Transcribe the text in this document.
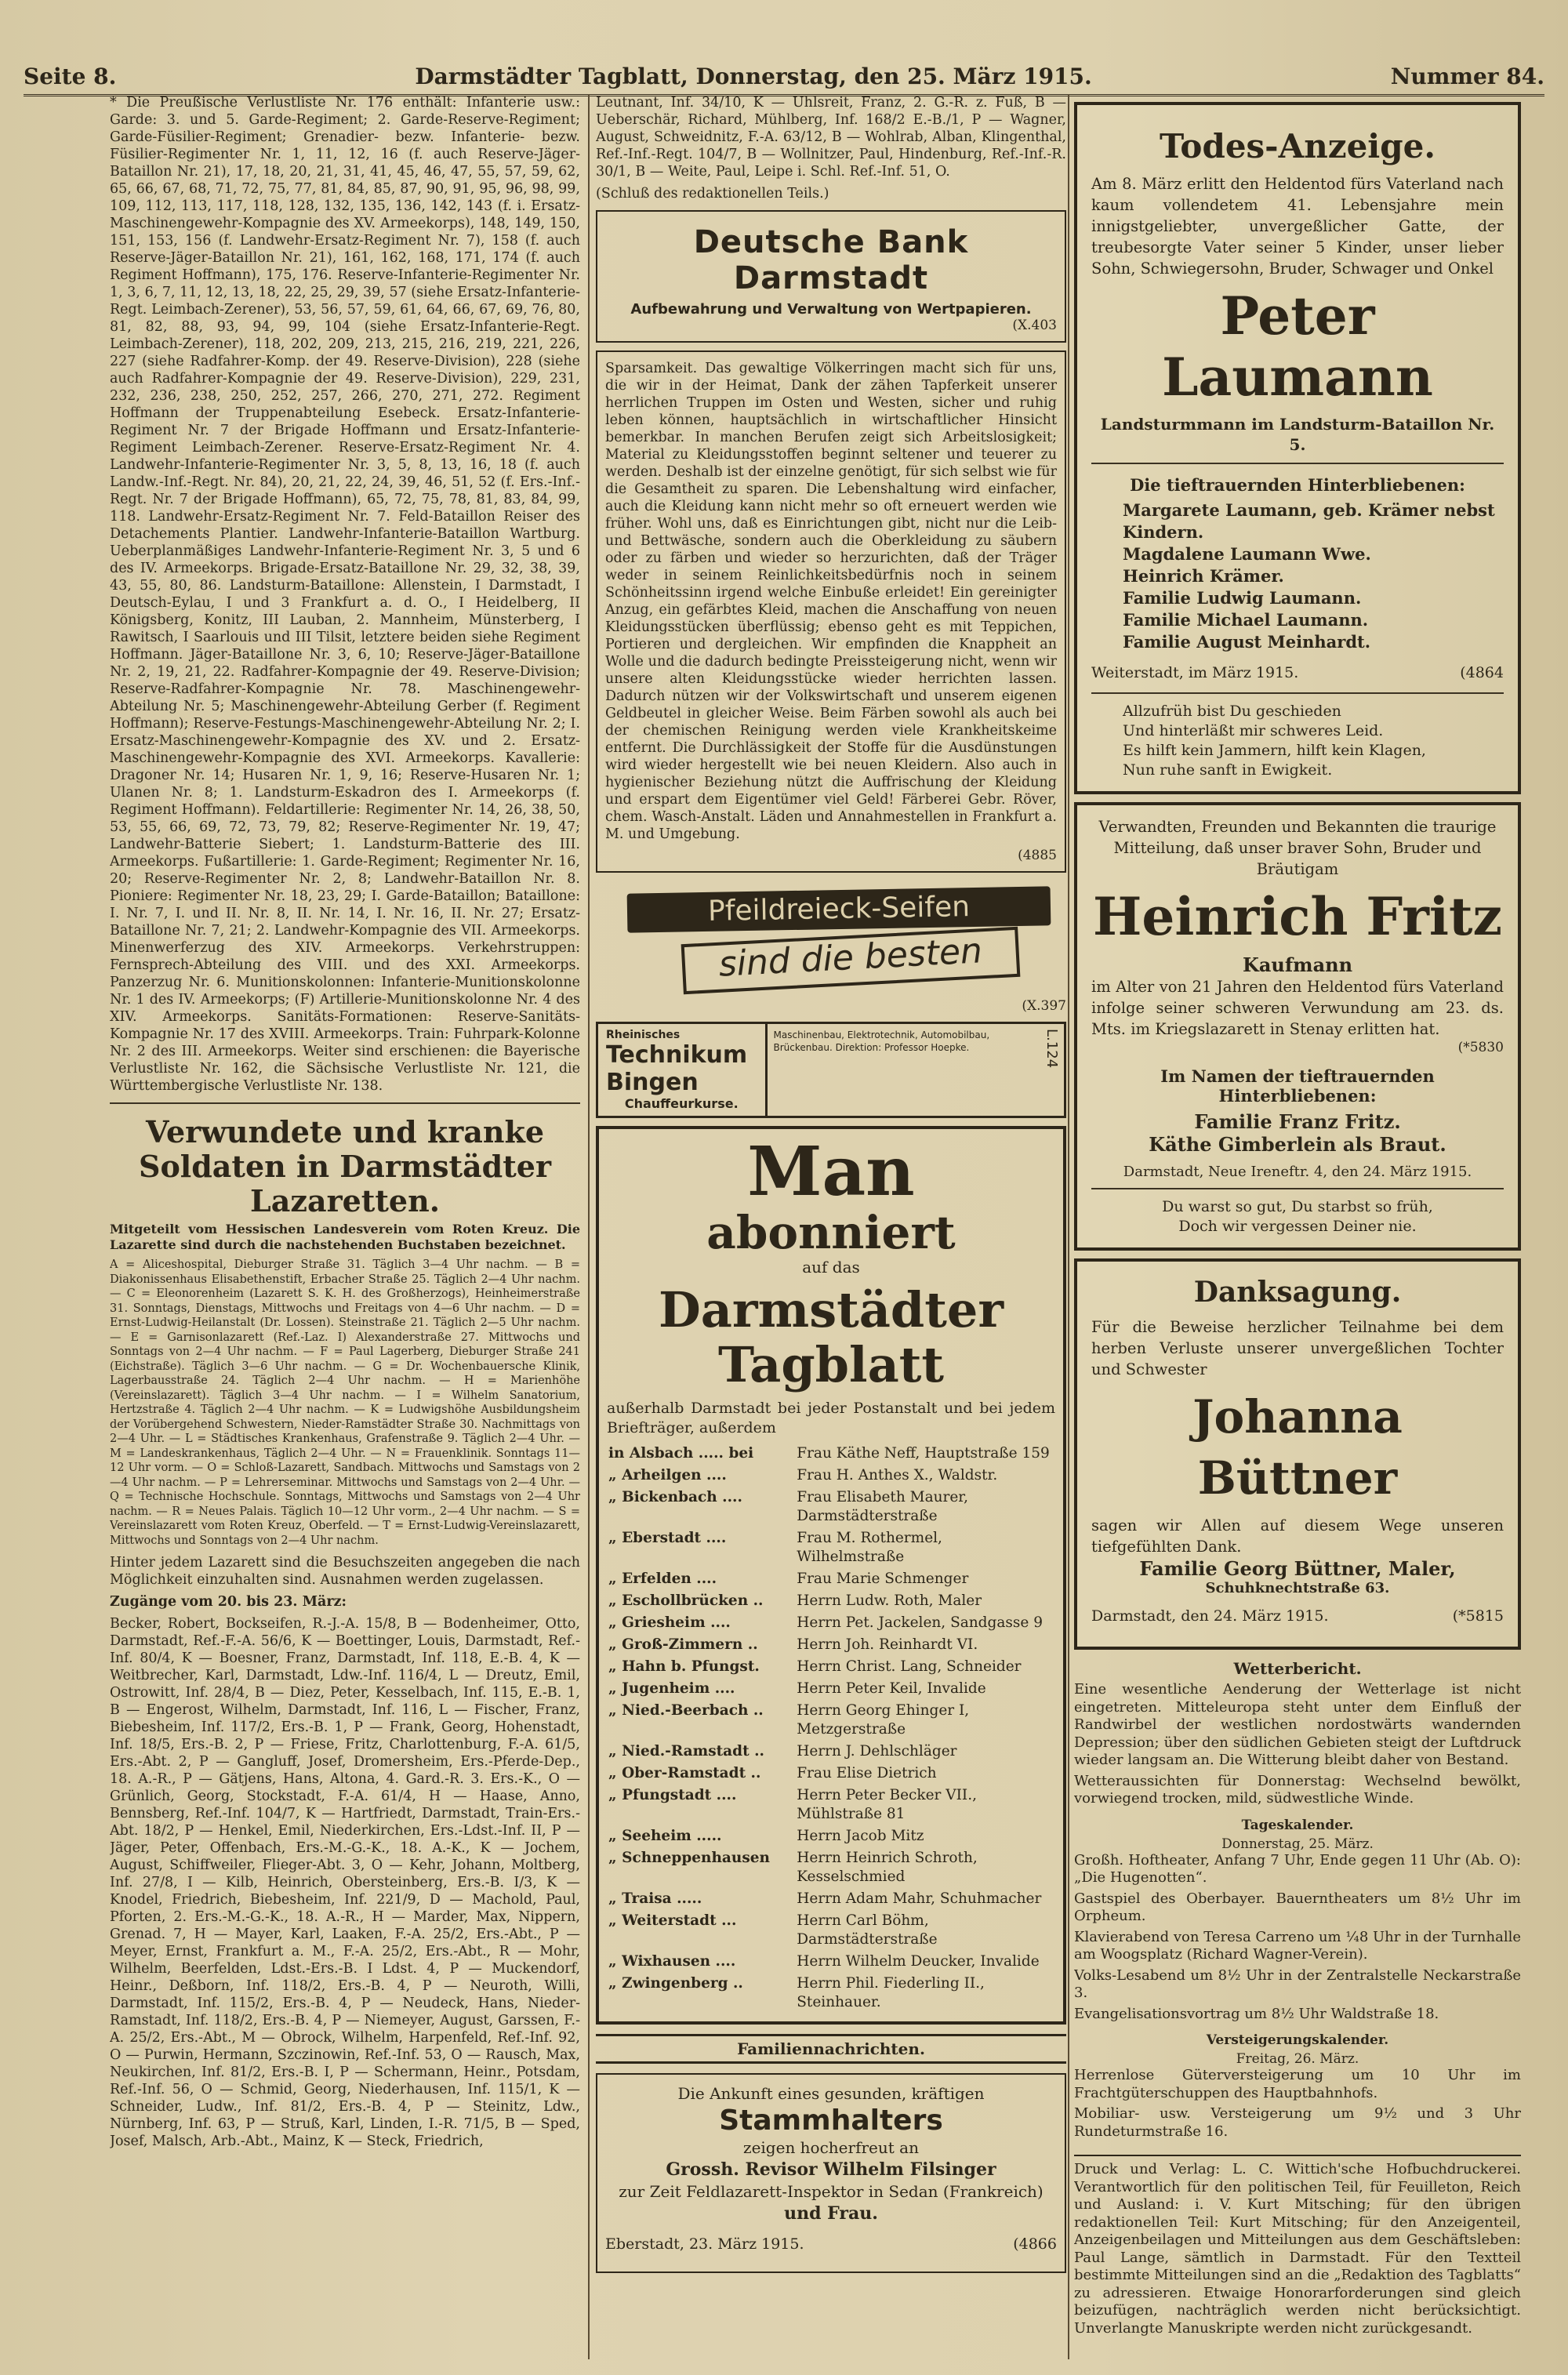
Seite 8.	Darmstädter Tagblatt, Donnerstag, den 25. März 1915.	Nummer 84.

* Die Preußische Verlustliste Nr. 176 enthält: Infanterie usw.: Garde: 3. und 5. Garde-Regiment; 2. Garde-Reserve-Regiment; Garde-Füsilier-Regiment; Grenadier- bezw. Infanterie- bezw. Füsilier-Regimenter Nr. 1, 11, 12, 16 (f. auch Reserve-Jäger-Bataillon Nr. 21), 17, 18, 20, 21, 31, 41, 45, 46, 47, 55, 57, 59, 62, 65, 66, 67, 68, 71, 72, 75, 77, 81, 84, 85, 87, 90, 91, 95, 96, 98, 99, 109, 112, 113, 117, 118, 128, 132, 135, 136, 142, 143 (f. i. Ersatz-Maschinengewehr-Kompagnie des XV. Armeekorps), 148, 149, 150, 151, 153, 156 (f. Landwehr-Ersatz-Regiment Nr. 7), 158 (f. auch Reserve-Jäger-Bataillon Nr. 21), 161, 162, 168, 171, 174 (f. auch Regiment Hoffmann), 175, 176. Reserve-Infanterie-Regimenter Nr. 1, 3, 6, 7, 11, 12, 13, 18, 22, 25, 29, 39, 57 (siehe Ersatz-Infanterie-Regt. Leimbach-Zerener), 53, 56, 57, 59, 61, 64, 66, 67, 69, 76, 80, 81, 82, 88, 93, 94, 99, 104 (siehe Ersatz-Infanterie-Regt. Leimbach-Zerener), 118, 202, 209, 213, 215, 216, 219, 221, 226, 227 (siehe Radfahrer-Komp. der 49. Reserve-Division), 228 (siehe auch Radfahrer-Kompagnie der 49. Reserve-Division), 229, 231, 232, 236, 238, 250, 252, 257, 266, 270, 271, 272. Regiment Hoffmann der Truppenabteilung Esebeck. Ersatz-Infanterie-Regiment Nr. 7 der Brigade Hoffmann und Ersatz-Infanterie-Regiment Leimbach-Zerener. Reserve-Ersatz-Regiment Nr. 4. Landwehr-Infanterie-Regimenter Nr. 3, 5, 8, 13, 16, 18 (f. auch Landw.-Inf.-Regt. Nr. 84), 20, 21, 22, 24, 39, 46, 51, 52 (f. Ers.-Inf.-Regt. Nr. 7 der Brigade Hoffmann), 65, 72, 75, 78, 81, 83, 84, 99, 118. Landwehr-Ersatz-Regiment Nr. 7. Feld-Bataillon Reiser des Detachements Plantier. Landwehr-Infanterie-Bataillon Wartburg. Ueberplanmäßiges Landwehr-Infanterie-Regiment Nr. 3, 5 und 6 des IV. Armeekorps. Brigade-Ersatz-Bataillone Nr. 29, 32, 38, 39, 43, 55, 80, 86. Landsturm-Bataillone: Allenstein, I Darmstadt, I Deutsch-Eylau, I und 3 Frankfurt a. d. O., I Heidelberg, II Königsberg, Konitz, III Lauban, 2. Mannheim, Münsterberg, I Rawitsch, I Saarlouis und III Tilsit, letztere beiden siehe Regiment Hoffmann. Jäger-Bataillone Nr. 3, 6, 10; Reserve-Jäger-Bataillone Nr. 2, 19, 21, 22. Radfahrer-Kompagnie der 49. Reserve-Division; Reserve-Radfahrer-Kompagnie Nr. 78. Maschinengewehr-Abteilung Nr. 5; Maschinengewehr-Abteilung Gerber (f. Regiment Hoffmann); Reserve-Festungs-Maschinengewehr-Abteilung Nr. 2; I. Ersatz-Maschinengewehr-Kompagnie des XV. und 2. Ersatz-Maschinengewehr-Kompagnie des XVI. Armeekorps. Kavallerie: Dragoner Nr. 14; Husaren Nr. 1, 9, 16; Reserve-Husaren Nr. 1; Ulanen Nr. 8; 1. Landsturm-Eskadron des I. Armeekorps (f. Regiment Hoffmann). Feldartillerie: Regimenter Nr. 14, 26, 38, 50, 53, 55, 66, 69, 72, 73, 79, 82; Reserve-Regimenter Nr. 19, 47; Landwehr-Batterie Siebert; 1. Landsturm-Batterie des III. Armeekorps. Fußartillerie: 1. Garde-Regiment; Regimenter Nr. 16, 20; Reserve-Regimenter Nr. 2, 8; Landwehr-Bataillon Nr. 8. Pioniere: Regimenter Nr. 18, 23, 29; I. Garde-Bataillon; Bataillone: I. Nr. 7, I. und II. Nr. 8, II. Nr. 14, I. Nr. 16, II. Nr. 27; Ersatz-Bataillone Nr. 7, 21; 2. Landwehr-Kompagnie des VII. Armeekorps. Minenwerferzug des XIV. Armeekorps. Verkehrstruppen: Fernsprech-Abteilung des VIII. und des XXI. Armeekorps. Panzerzug Nr. 6. Munitionskolonnen: Infanterie-Munitionskolonne Nr. 1 des IV. Armeekorps; (F) Artillerie-Munitionskolonne Nr. 4 des XIV. Armeekorps. Sanitäts-Formationen: Reserve-Sanitäts-Kompagnie Nr. 17 des XVIII. Armeekorps. Train: Fuhrpark-Kolonne Nr. 2 des III. Armeekorps. Weiter sind erschienen: die Bayerische Verlustliste Nr. 162, die Sächsische Verlustliste Nr. 121, die Württembergische Verlustliste Nr. 138.

Verwundete und kranke Soldaten in Darmstädter Lazaretten.

Mitgeteilt vom Hessischen Landesverein vom Roten Kreuz. Die Lazarette sind durch die nachstehenden Buchstaben bezeichnet.

A = Aliceshospital, Dieburger Straße 31. Täglich 3—4 Uhr nachm. — B = Diakonissenhaus Elisabethenstift, Erbacher Straße 25. Täglich 2—4 Uhr nachm. — C = Eleonorenheim (Lazarett S. K. H. des Großherzogs), Heinheimerstraße 31. Sonntags, Dienstags, Mittwochs und Freitags von 4—6 Uhr nachm. — D = Ernst-Ludwig-Heilanstalt (Dr. Lossen). Steinstraße 21. Täglich 2—5 Uhr nachm. — E = Garnisonlazarett (Ref.-Laz. I) Alexanderstraße 27. Mittwochs und Sonntags von 2—4 Uhr nachm. — F = Paul Lagerberg, Dieburger Straße 241 (Eichstraße). Täglich 3—6 Uhr nachm. — G = Dr. Wochenbauersche Klinik, Lagerbausstraße 24. Täglich 2—4 Uhr nachm. — H = Marienhöhe (Vereinslazarett). Täglich 3—4 Uhr nachm. — I = Wilhelm Sanatorium, Hertzstraße 4. Täglich 2—4 Uhr nachm. — K = Ludwigshöhe Ausbildungsheim der Vorübergehend Schwestern, Nieder-Ramstädter Straße 30. Nachmittags von 2—4 Uhr. — L = Städtisches Krankenhaus, Grafenstraße 9. Täglich 2—4 Uhr. — M = Landeskrankenhaus, Täglich 2—4 Uhr. — N = Frauenklinik. Sonntags 11—12 Uhr vorm. — O = Schloß-Lazarett, Sandbach. Mittwochs und Samstags von 2—4 Uhr nachm. — P = Lehrerseminar. Mittwochs und Samstags von 2—4 Uhr. — Q = Technische Hochschule. Sonntags, Mittwochs und Samstags von 2—4 Uhr nachm. — R = Neues Palais. Täglich 10—12 Uhr vorm., 2—4 Uhr nachm. — S = Vereinslazarett vom Roten Kreuz, Oberfeld. — T = Ernst-Ludwig-Vereinslazarett, Mittwochs und Sonntags von 2—4 Uhr nachm.

Hinter jedem Lazarett sind die Besuchszeiten angegeben die nach Möglichkeit einzuhalten sind. Ausnahmen werden zugelassen.

Zugänge vom 20. bis 23. März:

Becker, Robert, Bockseifen, R.-J.-A. 15/8, B — Bodenheimer, Otto, Darmstadt, Ref.-F.-A. 56/6, K — Boettinger, Louis, Darmstadt, Ref.-Inf. 80/4, K — Boesner, Franz, Darmstadt, Inf. 118, E.-B. 4, K — Weitbrecher, Karl, Darmstadt, Ldw.-Inf. 116/4, L — Dreutz, Emil, Ostrowitt, Inf. 28/4, B — Diez, Peter, Kesselbach, Inf. 115, E.-B. 1, B — Engerost, Wilhelm, Darmstadt, Inf. 116, L — Fischer, Franz, Biebesheim, Inf. 117/2, Ers.-B. 1, P — Frank, Georg, Hohenstadt, Inf. 18/5, Ers.-B. 2, P — Friese, Fritz, Charlottenburg, F.-A. 61/5, Ers.-Abt. 2, P — Gangluff, Josef, Dromersheim, Ers.-Pferde-Dep., 18. A.-R., P — Gätjens, Hans, Altona, 4. Gard.-R. 3. Ers.-K., O — Grünlich, Georg, Stockstadt, F.-A. 61/4, H — Haase, Anno, Bennsberg, Ref.-Inf. 104/7, K — Hartfriedt, Darmstadt, Train-Ers.-Abt. 18/2, P — Henkel, Emil, Niederkirchen, Ers.-Ldst.-Inf. II, P — Jäger, Peter, Offenbach, Ers.-M.-G.-K., 18. A.-K., K — Jochem, August, Schiffweiler, Flieger-Abt. 3, O — Kehr, Johann, Moltberg, Inf. 27/8, I — Kilb, Heinrich, Obersteinberg, Ers.-B. I/3, K — Knodel, Friedrich, Biebesheim, Inf. 221/9, D — Machold, Paul, Pforten, 2. Ers.-M.-G.-K., 18. A.-R., H — Marder, Max, Nippern, Grenad. 7, H — Mayer, Karl, Laaken, F.-A. 25/2, Ers.-Abt., P — Meyer, Ernst, Frankfurt a. M., F.-A. 25/2, Ers.-Abt., R — Mohr, Wilhelm, Beerfelden, Ldst.-Ers.-B. I Ldst. 4, P — Muckendorf, Heinr., Deßborn, Inf. 118/2, Ers.-B. 4, P — Neuroth, Willi, Darmstadt, Inf. 115/2, Ers.-B. 4, P — Neudeck, Hans, Nieder-Ramstadt, Inf. 118/2, Ers.-B. 4, P — Niemeyer, August, Garssen, F.-A. 25/2, Ers.-Abt., M — Obrock, Wilhelm, Harpenfeld, Ref.-Inf. 92, O — Purwin, Hermann, Szczinowin, Ref.-Inf. 53, O — Rausch, Max, Neukirchen, Inf. 81/2, Ers.-B. I, P — Schermann, Heinr., Potsdam, Ref.-Inf. 56, O — Schmid, Georg, Niederhausen, Inf. 115/1, K — Schneider, Ludw., Inf. 81/2, Ers.-B. 4, P — Steinitz, Ldw., Nürnberg, Inf. 63, P — Struß, Karl, Linden, I.-R. 71/5, B — Sped, Josef, Malsch, Arb.-Abt., Mainz, K — Steck, Friedrich,

Leutnant, Inf. 34/10, K — Uhlsreit, Franz, 2. G.-R. z. Fuß, B — Ueberschär, Richard, Mühlberg, Inf. 168/2 E.-B./1, P — Wagner, August, Schweidnitz, F.-A. 63/12, B — Wohlrab, Alban, Klingenthal, Ref.-Inf.-Regt. 104/7, B — Wollnitzer, Paul, Hindenburg, Ref.-Inf.-R. 30/1, B — Weite, Paul, Leipe i. Schl. Ref.-Inf. 51, O.

(Schluß des redaktionellen Teils.)

Deutsche Bank Darmstadt
Aufbewahrung und Verwaltung von Wertpapieren.
(X.403

Sparsamkeit. Das gewaltige Völkerringen macht sich für uns, die wir in der Heimat, Dank der zähen Tapferkeit unserer herrlichen Truppen im Osten und Westen, sicher und ruhig leben können, hauptsächlich in wirtschaftlicher Hinsicht bemerkbar. In manchen Berufen zeigt sich Arbeitslosigkeit; Material zu Kleidungsstoffen beginnt seltener und teuerer zu werden. Deshalb ist der einzelne genötigt, für sich selbst wie für die Gesamtheit zu sparen. Die Lebenshaltung wird einfacher, auch die Kleidung kann nicht mehr so oft erneuert werden wie früher. Wohl uns, daß es Einrichtungen gibt, nicht nur die Leib- und Bettwäsche, sondern auch die Oberkleidung zu säubern oder zu färben und wieder so herzurichten, daß der Träger weder in seinem Reinlichkeitsbedürfnis noch in seinem Schönheitssinn irgend welche Einbuße erleidet! Ein gereinigter Anzug, ein gefärbtes Kleid, machen die Anschaffung von neuen Kleidungsstücken überflüssig; ebenso geht es mit Teppichen, Portieren und dergleichen. Wir empfinden die Knappheit an Wolle und die dadurch bedingte Preissteigerung nicht, wenn wir unsere alten Kleidungsstücke wieder herrichten lassen. Dadurch nützen wir der Volkswirtschaft und unserem eigenen Geldbeutel in gleicher Weise. Beim Färben sowohl als auch bei der chemischen Reinigung werden viele Krankheitskeime entfernt. Die Durchlässigkeit der Stoffe für die Ausdünstungen wird wieder hergestellt wie bei neuen Kleidern. Also auch in hygienischer Beziehung nützt die Auffrischung der Kleidung und erspart dem Eigentümer viel Geld! Färberei Gebr. Röver, chem. Wasch-Anstalt. Läden und Annahmestellen in Frankfurt a. M. und Umgebung.

(4885
Pfeildreieck-Seifen
sind die besten
(X.397
Rheinisches
Technikum Bingen
Chauffeurkurse.
Maschinenbau, Elektrotechnik, Automobilbau, Brückenbau. Direktion: Professor Hoepke.	L.124
Man
abonniert
auf das
Darmstädter Tagblatt

außerhalb Darmstadt bei jeder Postanstalt und bei jedem Briefträger, außerdem

in Alsbach ..... bei	Frau Käthe Neff, Hauptstraße 159
„ Arheilgen ....	Frau H. Anthes X., Waldstr.
„ Bickenbach ....	Frau Elisabeth Maurer, Darmstädterstraße
„ Eberstadt ....	Frau M. Rothermel, Wilhelmstraße
„ Erfelden ....	Frau Marie Schmenger
„ Eschollbrücken ..	Herrn Ludw. Roth, Maler
„ Griesheim ....	Herrn Pet. Jackelen, Sandgasse 9
„ Groß-Zimmern ..	Herrn Joh. Reinhardt VI.
„ Hahn b. Pfungst.	Herrn Christ. Lang, Schneider
„ Jugenheim ....	Herrn Peter Keil, Invalide
„ Nied.-Beerbach ..	Herrn Georg Ehinger I, Metzgerstraße
„ Nied.-Ramstadt ..	Herrn J. Dehlschläger
„ Ober-Ramstadt ..	Frau Elise Dietrich
„ Pfungstadt ....	Herrn Peter Becker VII., Mühlstraße 81
„ Seeheim .....	Herrn Jacob Mitz
„ Schneppenhausen	Herrn Heinrich Schroth, Kesselschmied
„ Traisa .....	Herrn Adam Mahr, Schuhmacher
„ Weiterstadt ...	Herrn Carl Böhm, Darmstädterstraße
„ Wixhausen ....	Herrn Wilhelm Deucker, Invalide
„ Zwingenberg ..	Herrn Phil. Fiederling II., Steinhauer.
Familiennachrichten.
Die Ankunft eines gesunden, kräftigen
Stammhalters
zeigen hocherfreut an
Grossh. Revisor Wilhelm Filsinger
zur Zeit Feldlazarett-Inspektor in Sedan (Frankreich)
und Frau.
Eberstadt, 23. März 1915.	(4866
Todes-Anzeige.
Am 8. März erlitt den Heldentod fürs Vaterland nach kaum vollendetem 41. Lebensjahre mein innigstgeliebter, unvergeßlicher Gatte, der treubesorgte Vater seiner 5 Kinder, unser lieber Sohn, Schwiegersohn, Bruder, Schwager und Onkel
Peter Laumann
Landsturmmann im Landsturm-Bataillon Nr. 5.
Die tieftrauernden Hinterbliebenen:
Margarete Laumann, geb. Krämer nebst Kindern.
Magdalene Laumann Wwe.
Heinrich Krämer.
Familie Ludwig Laumann.
Familie Michael Laumann.
Familie August Meinhardt.
Weiterstadt, im März 1915.	(4864
Allzufrüh bist Du geschieden
Und hinterläßt mir schweres Leid.
Es hilft kein Jammern, hilft kein Klagen,
Nun ruhe sanft in Ewigkeit.
Verwandten, Freunden und Bekannten die traurige Mitteilung, daß unser braver Sohn, Bruder und Bräutigam
Heinrich Fritz
Kaufmann
im Alter von 21 Jahren den Heldentod fürs Vaterland infolge seiner schweren Verwundung am 23. ds. Mts. im Kriegslazarett in Stenay erlitten hat.
(*5830
Im Namen der tieftrauernden Hinterbliebenen:
Familie Franz Fritz.
Käthe Gimberlein als Braut.
Darmstadt, Neue Ireneftr. 4, den 24. März 1915.
Du warst so gut, Du starbst so früh,
Doch wir vergessen Deiner nie.
Danksagung.
Für die Beweise herzlicher Teilnahme bei dem herben Verluste unserer unvergeßlichen Tochter und Schwester
Johanna Büttner
sagen wir Allen auf diesem Wege unseren tiefgefühlten Dank.
Familie Georg Büttner, Maler,
Schuhknechtstraße 63.
Darmstadt, den 24. März 1915.	(*5815
Wetterbericht.

Eine wesentliche Aenderung der Wetterlage ist nicht eingetreten. Mitteleuropa steht unter dem Einfluß der Randwirbel der westlichen nordostwärts wandernden Depression; über den südlichen Gebieten steigt der Luftdruck wieder langsam an. Die Witterung bleibt daher von Bestand.

Wetteraussichten für Donnerstag: Wechselnd bewölkt, vorwiegend trocken, mild, südwestliche Winde.

Tageskalender.
Donnerstag, 25. März.

Großh. Hoftheater, Anfang 7 Uhr, Ende gegen 11 Uhr (Ab. O): „Die Hugenotten“.

Gastspiel des Oberbayer. Bauerntheaters um 8½ Uhr im Orpheum.

Klavierabend von Teresa Carreno um ¼8 Uhr in der Turnhalle am Woogsplatz (Richard Wagner-Verein).

Volks-Lesabend um 8½ Uhr in der Zentralstelle Neckarstraße 3.

Evangelisationsvortrag um 8½ Uhr Waldstraße 18.

Versteigerungskalender.
Freitag, 26. März.

Herrenlose Güterversteigerung um 10 Uhr im Frachtgüterschuppen des Hauptbahnhofs.

Mobiliar- usw. Versteigerung um 9½ und 3 Uhr Rundeturmstraße 16.

Druck und Verlag: L. C. Wittich'sche Hofbuchdruckerei. Verantwortlich für den politischen Teil, für Feuilleton, Reich und Ausland: i. V. Kurt Mitsching; für den übrigen redaktionellen Teil: Kurt Mitsching; für den Anzeigenteil, Anzeigenbeilagen und Mitteilungen aus dem Geschäftsleben: Paul Lange, sämtlich in Darmstadt. Für den Textteil bestimmte Mitteilungen sind an die „Redaktion des Tagblatts“ zu adressieren. Etwaige Honorarforderungen sind gleich beizufügen, nachträglich werden nicht berücksichtigt. Unverlangte Manuskripte werden nicht zurückgesandt.
